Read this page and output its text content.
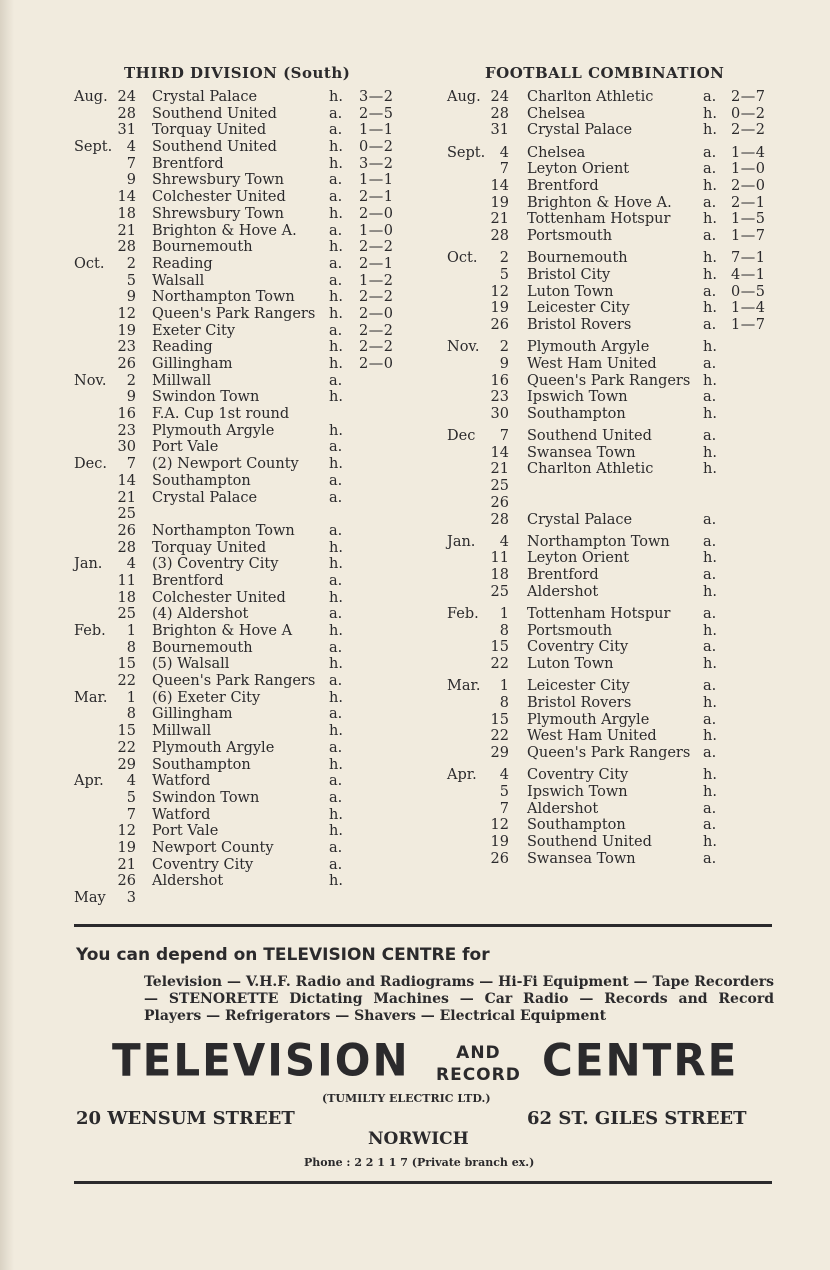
THIRD DIVISION (South)	FOOTBALL COMBINATION
Aug. 24 Crystal Palace	h. 3—2
28 Southend United	a. 2—5
31 Torquay United	a. 1—1
Sept.	4 Southend United	h. 0—2
7 Brentford	h. 3—2
9 Shrewsbury Town	a. 1—1
14 Colchester United	a. 2—1
18 Shrewsbury Town	h. 2—0
21 Brighton & Hove A. a. 1—0
28 Bournemouth	h. 2—2
Oct.	2 Reading	a. 2—1
5 Walsall	a. 1—2
9 Northampton Town h. 2—2
12 Queen's Park Rangers h. 2—0
19 Exeter City	a. 2—2
23 Reading	h. 2—2
26 Gillingham	h. 2—0
Nov.	2 Millwall	a.
9 Swindon Town	h.
16 F.A. Cup 1st round
23 Plymouth Argyle	h.
30 Port Vale	a.
Dec.	7 (2) Newport County h.
14 Southampton	a.
21 Crystal Palace	a.
25
26 Northampton Town a.
28 Torquay United	h.
Jan.	4 (3) Coventry City	h.
11 Brentford	a.
18 Colchester United	h.
25 (4) Aldershot	a.
Feb.	1 Brighton & Hove A	h.
8 Bournemouth	a.
15 (5) Walsall	h.
22 Queen's Park Rangers a.
Mar.	1 (6) Exeter City	h.
8 Gillingham	a.
15 Millwall	h.
22 Plymouth Argyle	a.
29 Southampton	h.
Apr.	4 Watford	a.
5 Swindon Town	a.
7 Watford	h.
12 Port Vale	h.
19 Newport County	a.
21 Coventry City	a.
26 Aldershot	h.
May	3
Aug. 24 Charlton Athletic	a. 2—7
28 Chelsea	h. 0—2
31 Crystal Palace	h. 2—2
Sept.	4 Chelsea	a. 1—4
7 Leyton Orient	a. 1—0
14 Brentford	h. 2—0
19 Brighton & Hove A. a. 2—1
21 Tottenham Hotspur h. 1—5
28 Portsmouth	a. 1—7
Oct.	2 Bournemouth	h. 7—1
5 Bristol City	h. 4—1
12 Luton Town	a. 0—5
19 Leicester City	h. 1—4
26 Bristol Rovers	a. 1—7
Nov.	2 Plymouth Argyle	h.
9 West Ham United	a.
16 Queen's Park Rangers h.
23 Ipswich Town	a.
30 Southampton	h.
Dec	7 Southend United	a.
14 Swansea Town	h.
21 Charlton Athletic	h.
25
26
28 Crystal Palace	a.
Jan.	4 Northampton Town a.
11 Leyton Orient	h.
18 Brentford	a.
25 Aldershot	h.
Feb.	1 Tottenham Hotspur a.
8 Portsmouth	h.
15 Coventry City	a.
22 Luton Town	h.
Mar.	1 Leicester City	a.
8 Bristol Rovers	h.
15 Plymouth Argyle	a.
22 West Ham United	h.
29 Queen's Park Rangers a.
Apr.	4 Coventry City	h.
5 Ipswich Town	h.
7 Aldershot	a.
12 Southampton	a.
19 Southend United	h.
26 Swansea Town	a.
You can depend on TELEVISION CENTRE for
Television — V.H.F. Radio and Radiograms — Hi-Fi Equipment — Tape Recorders — STENORETTE Dictating Machines — Car Radio — Records and Record Players — Refrigerators — Shavers — Electrical Equipment
TELEVISION	AND
RECORD CENTRE
(TUMILTY ELECTRIC LTD.)
20 WENSUM STREET	62 ST. GILES STREET
NORWICH
Phone : 2 2 1 1 7 (Private branch ex.)
